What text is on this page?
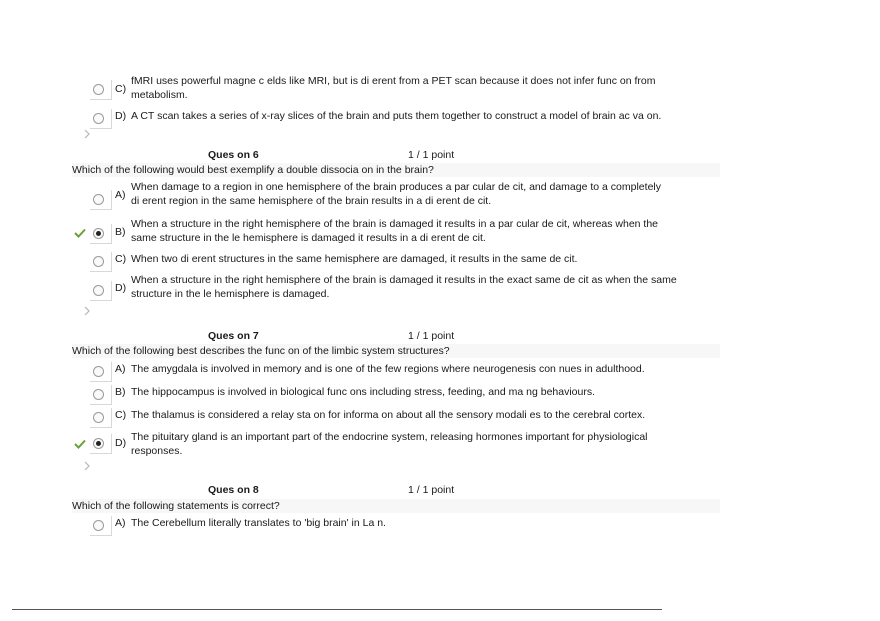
C)
fMRI uses powerful magne c elds like MRI, but is di erent from a PET scan because it does not infer func on from
metabolism.
D) A CT scan takes a series of x-ray slices of the brain and puts them together to construct a model of brain ac va on.
Ques on 6	1 / 1 point
Which of the following would best exemplify a double dissocia on in the brain?
A)
When damage to a region in one hemisphere of the brain produces a par cular de cit, and damage to a completely
di erent region in the same hemisphere of the brain results in a di erent de cit.
B)
When a structure in the right hemisphere of the brain is damaged it results in a par cular de cit, whereas when the
same structure in the le hemisphere is damaged it results in a di erent de cit.
C) When two di erent structures in the same hemisphere are damaged, it results in the same de cit.
D)
When a structure in the right hemisphere of the brain is damaged it results in the exact same de cit as when the same
structure in the le hemisphere is damaged.
Ques on 7	1 / 1 point
Which of the following best describes the func on of the limbic system structures?
A) The amygdala is involved in memory and is one of the few regions where neurogenesis con nues in adulthood.
B) The hippocampus is involved in biological func ons including stress, feeding, and ma ng behaviours.
C) The thalamus is considered a relay sta on for informa on about all the sensory modali es to the cerebral cortex.
D) The pituitary gland is an important part of the endocrine system, releasing hormones important for physiological
responses.
Ques on 8	1 / 1 point
Which of the following statements is correct?
A) The Cerebellum literally translates to 'big brain' in La n.
